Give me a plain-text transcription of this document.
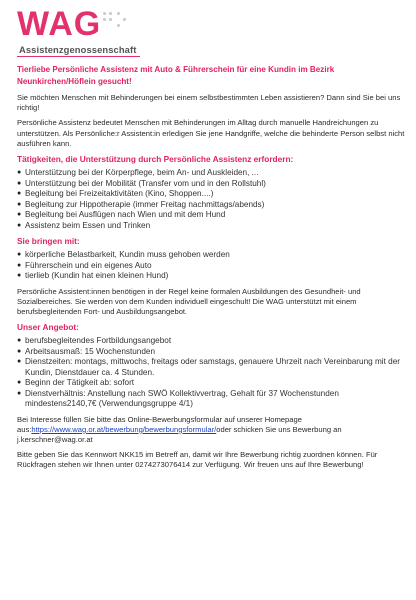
WAG
Assistenzgenossenschaft
Tierliebe Persönliche Assistenz mit Auto & Führerschein für eine Kundin im Bezirk Neunkirchen/Höflein gesucht!
Sie möchten Menschen mit Behinderungen bei einem selbstbestimmten Leben assistieren? Dann sind Sie bei uns richtig!
Persönliche Assistenz bedeutet Menschen mit Behinderungen im Alltag durch manuelle Handreichungen zu unterstützen. Als Persönliche:r Assistent:in erledigen Sie jene Handgriffe, welche die behinderte Person selbst nicht ausführen kann.
Tätigkeiten, die Unterstützung durch Persönliche Assistenz erfordern:
● Unterstützung bei der Körperpflege, beim An- und Auskleiden, ...
● Unterstützung bei der Mobilität (Transfer vom und in den Rollstuhl)
● Begleitung bei Freizeitaktivitäten (Kino, Shoppen....)
● Begleitung zur Hippotherapie (immer Freitag nachmittags/abends)
● Begleitung bei Ausflügen nach Wien und mit dem Hund
● Assistenz beim Essen und Trinken
Sie bringen mit:
● körperliche Belastbarkeit, Kundin muss gehoben werden
● Führerschein und ein eigenes Auto
● tierlieb (Kundin hat einen kleinen Hund)
Persönliche Assistent:innen benötigen in der Regel keine formalen Ausbildungen des Gesundheit- und Sozialbereiches. Sie werden von dem Kunden individuell eingeschult! Die WAG unterstützt mit einem berufsbegleitenden Fort- und Ausbildungsangebot.
Unser Angebot:
● berufsbegleitendes Fortbildungsangebot
● Arbeitsausmaß: 15 Wochenstunden
● Dienstzeiten: montags, mittwochs, freitags oder samstags, genauere Uhrzeit nach Vereinbarung mit der Kundin, Dienstdauer ca. 4 Stunden.
● Beginn der Tätigkeit ab: sofort
● Dienstverhältnis: Anstellung nach SWÖ Kollektivvertrag, Gehalt für 37 Wochenstunden mindestens2140,7€ (Verwendungsgruppe 4/1)
Bei Interesse füllen Sie bitte das Online-Bewerbungsformular auf unserer Homepage aus:https://www.wag.or.at/bewerbung/bewerbungsformular/oder schicken Sie uns Bewerbung an j.kerschner@wag.or.at
Bitte geben Sie das Kennwort NKK15 im Betreff an, damit wir Ihre Bewerbung richtig zuordnen können. Für Rückfragen stehen wir Ihnen unter 0274273076414 zur Verfügung. Wir freuen uns auf Ihre Bewerbung!
